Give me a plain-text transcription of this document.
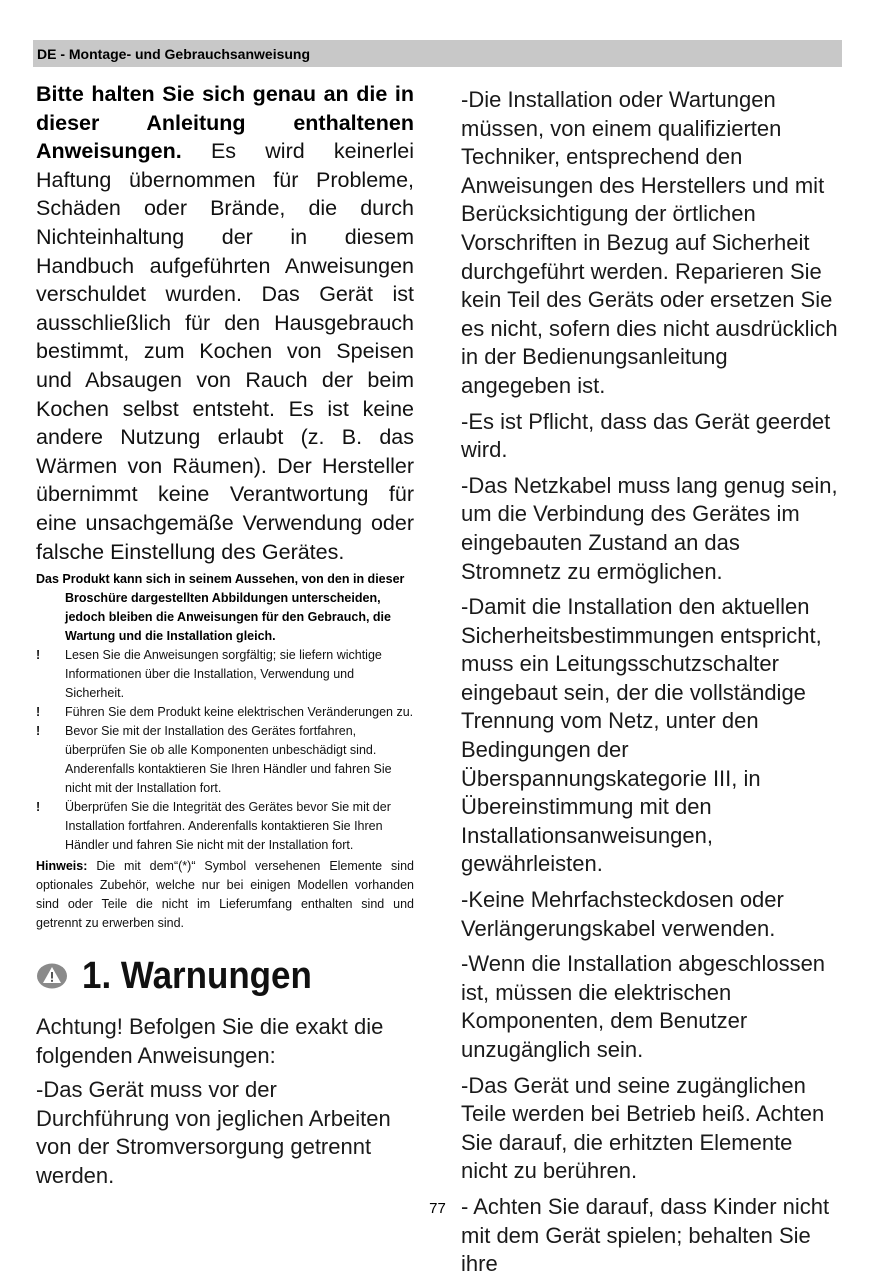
DE - Montage- und Gebrauchsanweisung

Bitte halten Sie sich genau an die in dieser Anleitung enthaltenen Anweisungen. Es wird keinerlei Haftung übernommen für Probleme, Schäden oder Brände, die durch Nichteinhaltung der in diesem Handbuch aufgeführten Anweisungen verschuldet wurden. Das Gerät ist ausschließlich für den Hausgebrauch bestimmt, zum Kochen von Speisen und Absaugen von Rauch der beim Kochen selbst entsteht. Es ist keine andere Nutzung erlaubt (z. B. das Wärmen von Räumen). Der Hersteller übernimmt keine Verantwortung für eine unsachgemäße Verwendung oder falsche Einstellung des Gerätes.

Das Produkt kann sich in seinem Aussehen, von den in dieser Broschüre dargestellten Abbildungen unterscheiden, jedoch bleiben die Anweisungen für den Gebrauch, die Wartung und die Installation gleich.

!	Lesen Sie die Anweisungen sorgfältig; sie liefern wichtige Informationen über die Installation, Verwendung und Sicherheit.
!	Führen Sie dem Produkt keine elektrischen Veränderungen zu.
!	Bevor Sie mit der Installation des Gerätes fortfahren, überprüfen Sie ob alle Komponenten unbeschädigt sind. Anderenfalls kontaktieren Sie Ihren Händler und fahren Sie nicht mit der Installation fort.
!	Überprüfen Sie die Integrität des Gerätes bevor Sie mit der Installation fortfahren. Anderenfalls kontaktieren Sie Ihren Händler und fahren Sie nicht mit der Installation fort.

Hinweis: Die mit dem“(*)“ Symbol versehenen Elemente sind optionales Zubehör, welche nur bei einigen Modellen vorhanden sind oder Teile die nicht im Lieferumfang enthalten sind und getrennt zu erwerben sind.

1. Warnungen

Achtung! Befolgen Sie die exakt die folgenden Anweisungen:

-Das Gerät muss vor der Durchführung von jeglichen Arbeiten von der Stromversorgung getrennt werden.

-Die Installation oder Wartungen müssen, von einem qualifizierten Techniker, entsprechend den Anweisungen des Herstellers und mit Berücksichtigung der örtlichen Vorschriften in Bezug auf Sicherheit durchgeführt werden. Reparieren Sie kein Teil des Geräts oder ersetzen Sie es nicht, sofern dies nicht ausdrücklich in der Bedienungsanleitung angegeben ist.

-Es ist Pflicht, dass das Gerät geerdet wird.

-Das Netzkabel muss lang genug sein, um die Verbindung des Gerätes im eingebauten Zustand an das Stromnetz zu ermöglichen.

-Damit die Installation den aktuellen Sicherheitsbestimmungen entspricht, muss ein Leitungsschutzschalter eingebaut sein, der die vollständige Trennung vom Netz, unter den Bedingungen der Überspannungskategorie III, in Übereinstimmung mit den Installationsanweisungen, gewährleisten.

-Keine Mehrfachsteckdosen oder Verlängerungskabel verwenden.

-Wenn die Installation abgeschlossen ist, müssen die elektrischen Komponenten, dem Benutzer unzugänglich sein.

-Das Gerät und seine zugänglichen Teile werden bei Betrieb heiß. Achten Sie darauf, die erhitzten Elemente nicht zu berühren.

- Achten Sie darauf, dass Kinder nicht mit dem Gerät spielen; behalten Sie ihre

77
